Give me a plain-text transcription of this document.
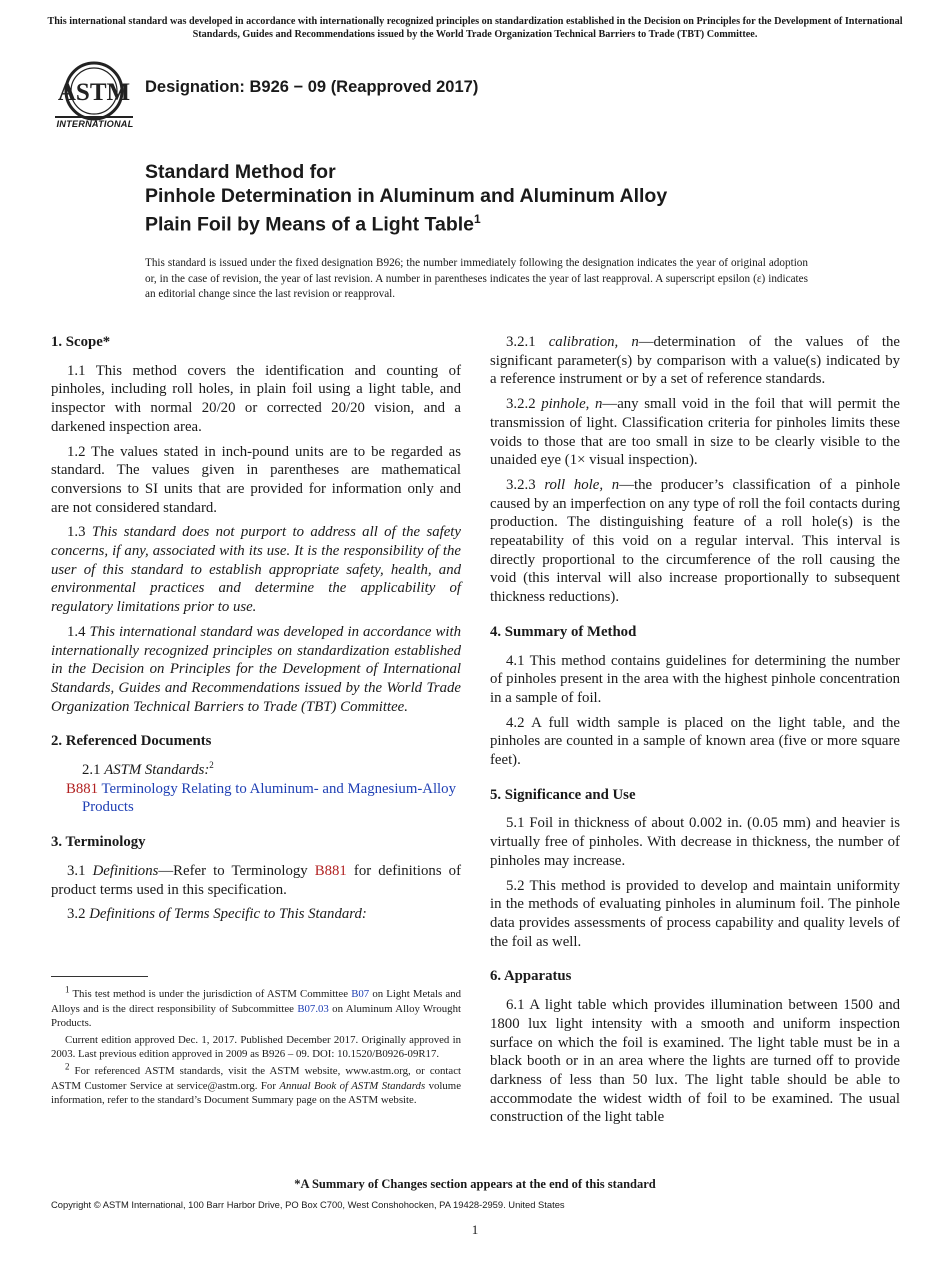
This international standard was developed in accordance with internationally recognized principles on standardization established in the Decision on Principles for the Development of International Standards, Guides and Recommendations issued by the World Trade Organization Technical Barriers to Trade (TBT) Committee.
ASTM
INTERNATIONAL
Designation: B926 − 09 (Reapproved 2017)
Standard Method for
Pinhole Determination in Aluminum and Aluminum Alloy
Plain Foil by Means of a Light Table$^1$
This standard is issued under the fixed designation B926; the number immediately following the designation indicates the year of original adoption or, in the case of revision, the year of last revision. A number in parentheses indicates the year of last reapproval. A superscript epsilon (ε) indicates an editorial change since the last revision or reapproval.

1. Scope*

1.1 This method covers the identification and counting of pinholes, including roll holes, in plain foil using a light table, and inspector with normal 20/20 or corrected 20/20 vision, and a darkened inspection area.

1.2 The values stated in inch-pound units are to be regarded as standard. The values given in parentheses are mathematical conversions to SI units that are provided for information only and are not considered standard.

1.3 This standard does not purport to address all of the safety concerns, if any, associated with its use. It is the responsibility of the user of this standard to establish appropriate safety, health, and environmental practices and determine the applicability of regulatory limitations prior to use.

1.4 This international standard was developed in accordance with internationally recognized principles on standardization established in the Decision on Principles for the Development of International Standards, Guides and Recommendations issued by the World Trade Organization Technical Barriers to Trade (TBT) Committee.

2. Referenced Documents

2.1 ASTM Standards:$^2$

B881 Terminology Relating to Aluminum- and Magnesium-Alloy Products

3. Terminology

3.1 Definitions—Refer to Terminology B881 for definitions of product terms used in this specification.

3.2 Definitions of Terms Specific to This Standard:

3.2.1 calibration, n—determination of the values of the significant parameter(s) by comparison with a value(s) indicated by a reference instrument or by a set of reference standards.

3.2.2 pinhole, n—any small void in the foil that will permit the transmission of light. Classification criteria for pinholes limits these voids to those that are too small in size to be clearly visible to the unaided eye (1× visual inspection).

3.2.3 roll hole, n—the producer’s classification of a pinhole caused by an imperfection on any type of roll the foil contacts during production. The distinguishing feature of a roll hole(s) is the repeatability of this void on a regular interval. This interval is directly proportional to the circumference of the roll causing the void (this interval will also increase proportionally to subsequent thickness reductions).

4. Summary of Method

4.1 This method contains guidelines for determining the number of pinholes present in the area with the highest pinhole concentration in a sample of foil.

4.2 A full width sample is placed on the light table, and the pinholes are counted in a sample of known area (five or more square feet).

5. Significance and Use

5.1 Foil in thickness of about 0.002 in. (0.05 mm) and heavier is virtually free of pinholes. With decrease in thickness, the number of pinholes may increase.

5.2 This method is provided to develop and maintain uniformity in the methods of evaluating pinholes in aluminum foil. The pinhole data provides assessments of process capability and quality levels of the foil as well.

6. Apparatus

6.1 A light table which provides illumination between 1500 and 1800 lux light intensity with a smooth and uniform inspection surface on which the foil is examined. The light table must be in a black booth or in an area where the lights are turned off to provide darkness of less than 50 lux. The light table should be able to accommodate the widest width of foil to be examined. The usual construction of the light table

$^1$ This test method is under the jurisdiction of ASTM Committee B07 on Light Metals and Alloys and is the direct responsibility of Subcommittee B07.03 on Aluminum Alloy Wrought Products.

Current edition approved Dec. 1, 2017. Published December 2017. Originally approved in 2003. Last previous edition approved in 2009 as B926 – 09. DOI: 10.1520/B0926-09R17.

$^2$ For referenced ASTM standards, visit the ASTM website, www.astm.org, or contact ASTM Customer Service at service@astm.org. For Annual Book of ASTM Standards volume information, refer to the standard’s Document Summary page on the ASTM website.

*A Summary of Changes section appears at the end of this standard
Copyright © ASTM International, 100 Barr Harbor Drive, PO Box C700, West Conshohocken, PA 19428-2959. United States
1
